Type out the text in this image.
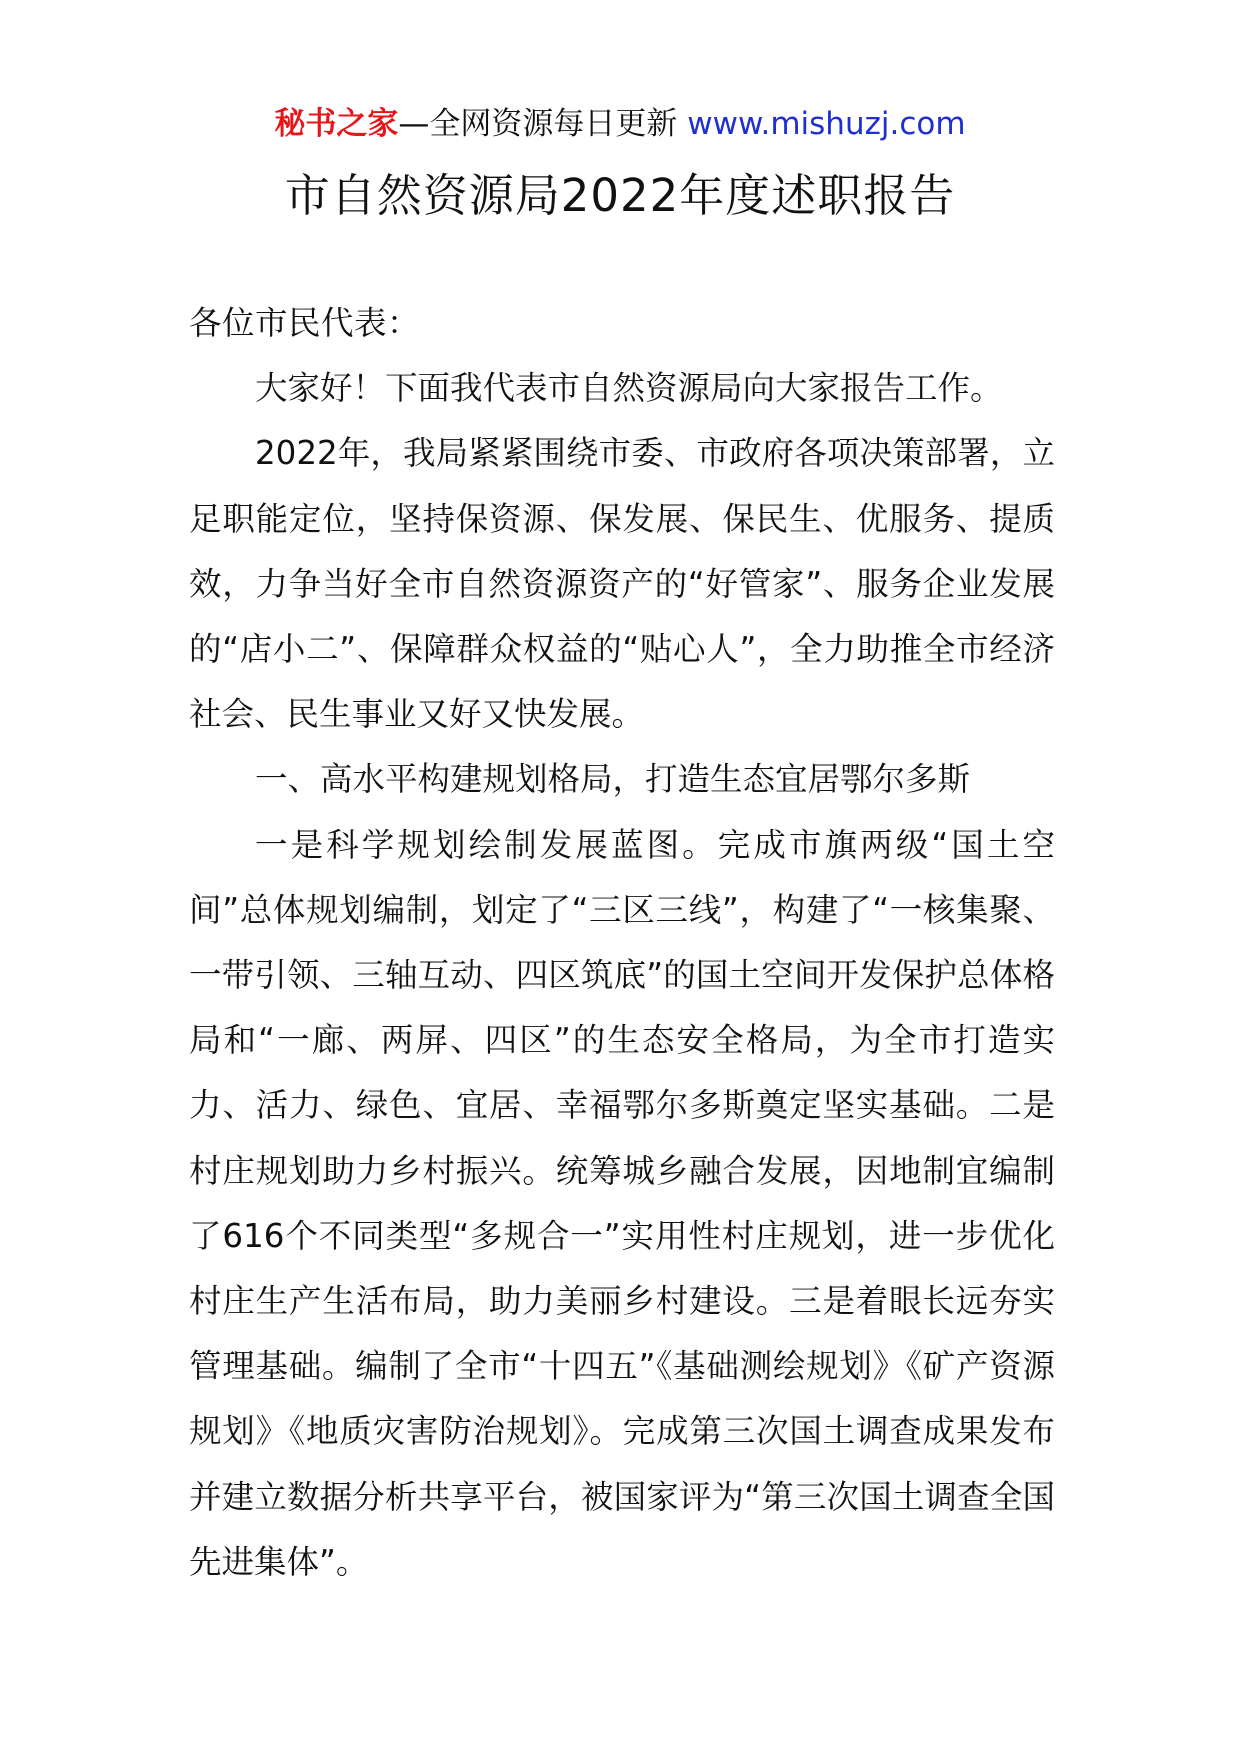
秘书之家—全网资源每日更新 www.mishuzj.com
市自然资源局2022年度述职报告

各位市民代表：

大家好！下面我代表市自然资源局向大家报告工作。

2022年，我局紧紧围绕市委、市政府各项决策部署，立足职能定位，坚持保资源、保发展、保民生、优服务、提质效，力争当好全市自然资源资产的“好管家”、服务企业发展的“店小二”、保障群众权益的“贴心人”，全力助推全市经济社会、民生事业又好又快发展。

一、高水平构建规划格局，打造生态宜居鄂尔多斯

一是科学规划绘制发展蓝图。完成市旗两级“国土空间”总体规划编制，划定了“三区三线”，构建了“一核集聚、一带引领、三轴互动、四区筑底”的国土空间开发保护总体格局和“一廊、两屏、四区”的生态安全格局，为全市打造实力、活力、绿色、宜居、幸福鄂尔多斯奠定坚实基础。二是村庄规划助力乡村振兴。统筹城乡融合发展，因地制宜编制了616个不同类型“多规合一”实用性村庄规划，进一步优化村庄生产生活布局，助力美丽乡村建设。三是着眼长远夯实管理基础。编制了全市“十四五”《基础测绘规划》《矿产资源规划》《地质灾害防治规划》。完成第三次国土调查成果发布并建立数据分析共享平台，被国家评为“第三次国土调查全国先进集体”。
